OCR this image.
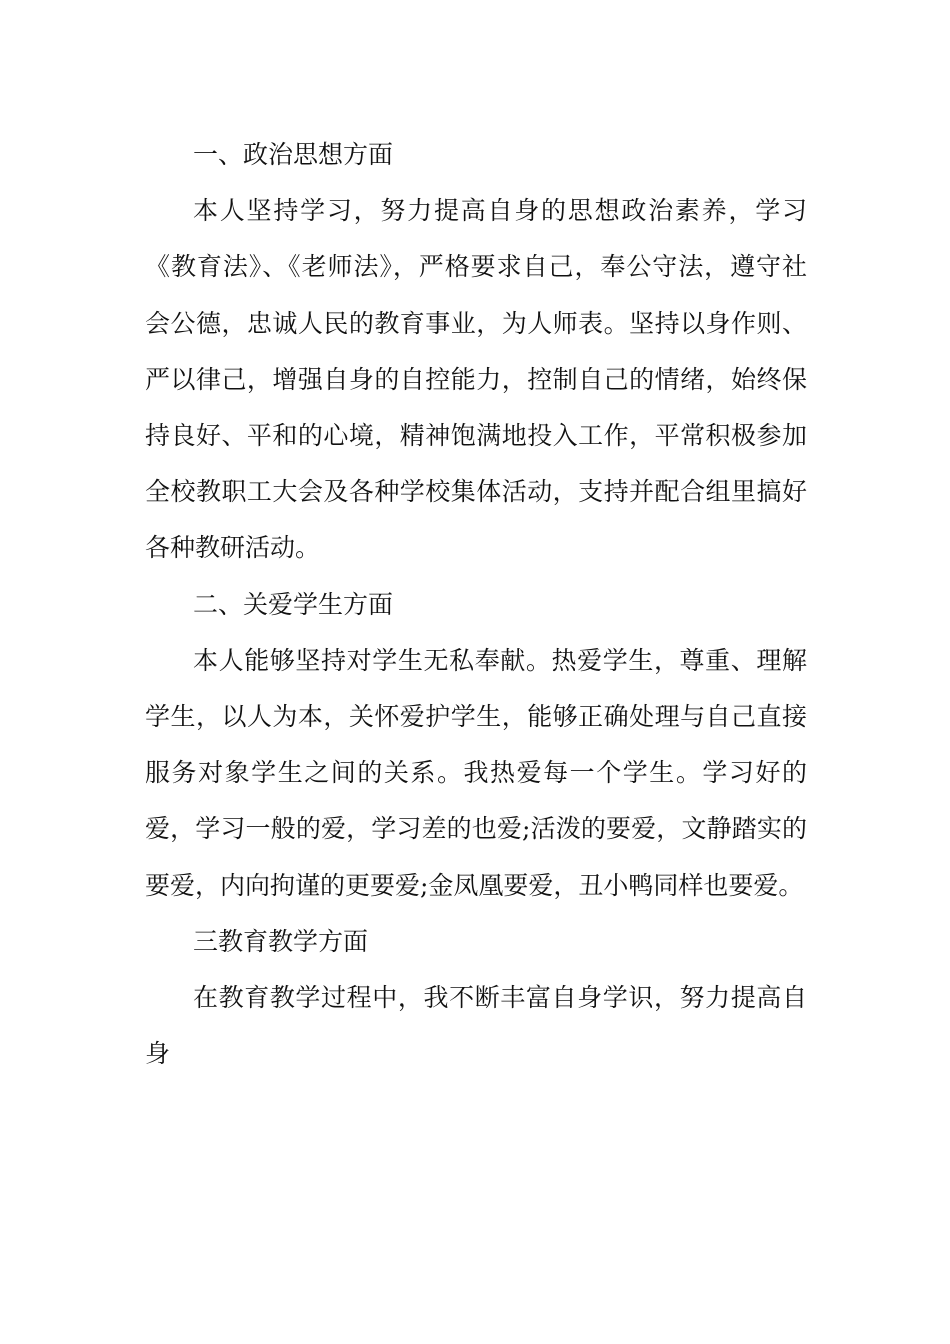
一、政治思想方面

本人坚持学习，努力提高自身的思想政治素养，学习《教育法》、《老师法》，严格要求自己，奉公守法，遵守社会公德，忠诚人民的教育事业，为人师表。坚持以身作则、严以律己，增强自身的自控能力，控制自己的情绪，始终保持良好、平和的心境，精神饱满地投入工作，平常积极参加全校教职工大会及各种学校集体活动，支持并配合组里搞好各种教研活动。

二、关爱学生方面

本人能够坚持对学生无私奉献。热爱学生，尊重、理解学生，以人为本，关怀爱护学生，能够正确处理与自己直接服务对象学生之间的关系。我热爱每一个学生。学习好的爱，学习一般的爱，学习差的也爱;活泼的要爱，文静踏实的要爱，内向拘谨的更要爱;金凤凰要爱，丑小鸭同样也要爱。

三教育教学方面

在教育教学过程中，我不断丰富自身学识，努力提高自身
